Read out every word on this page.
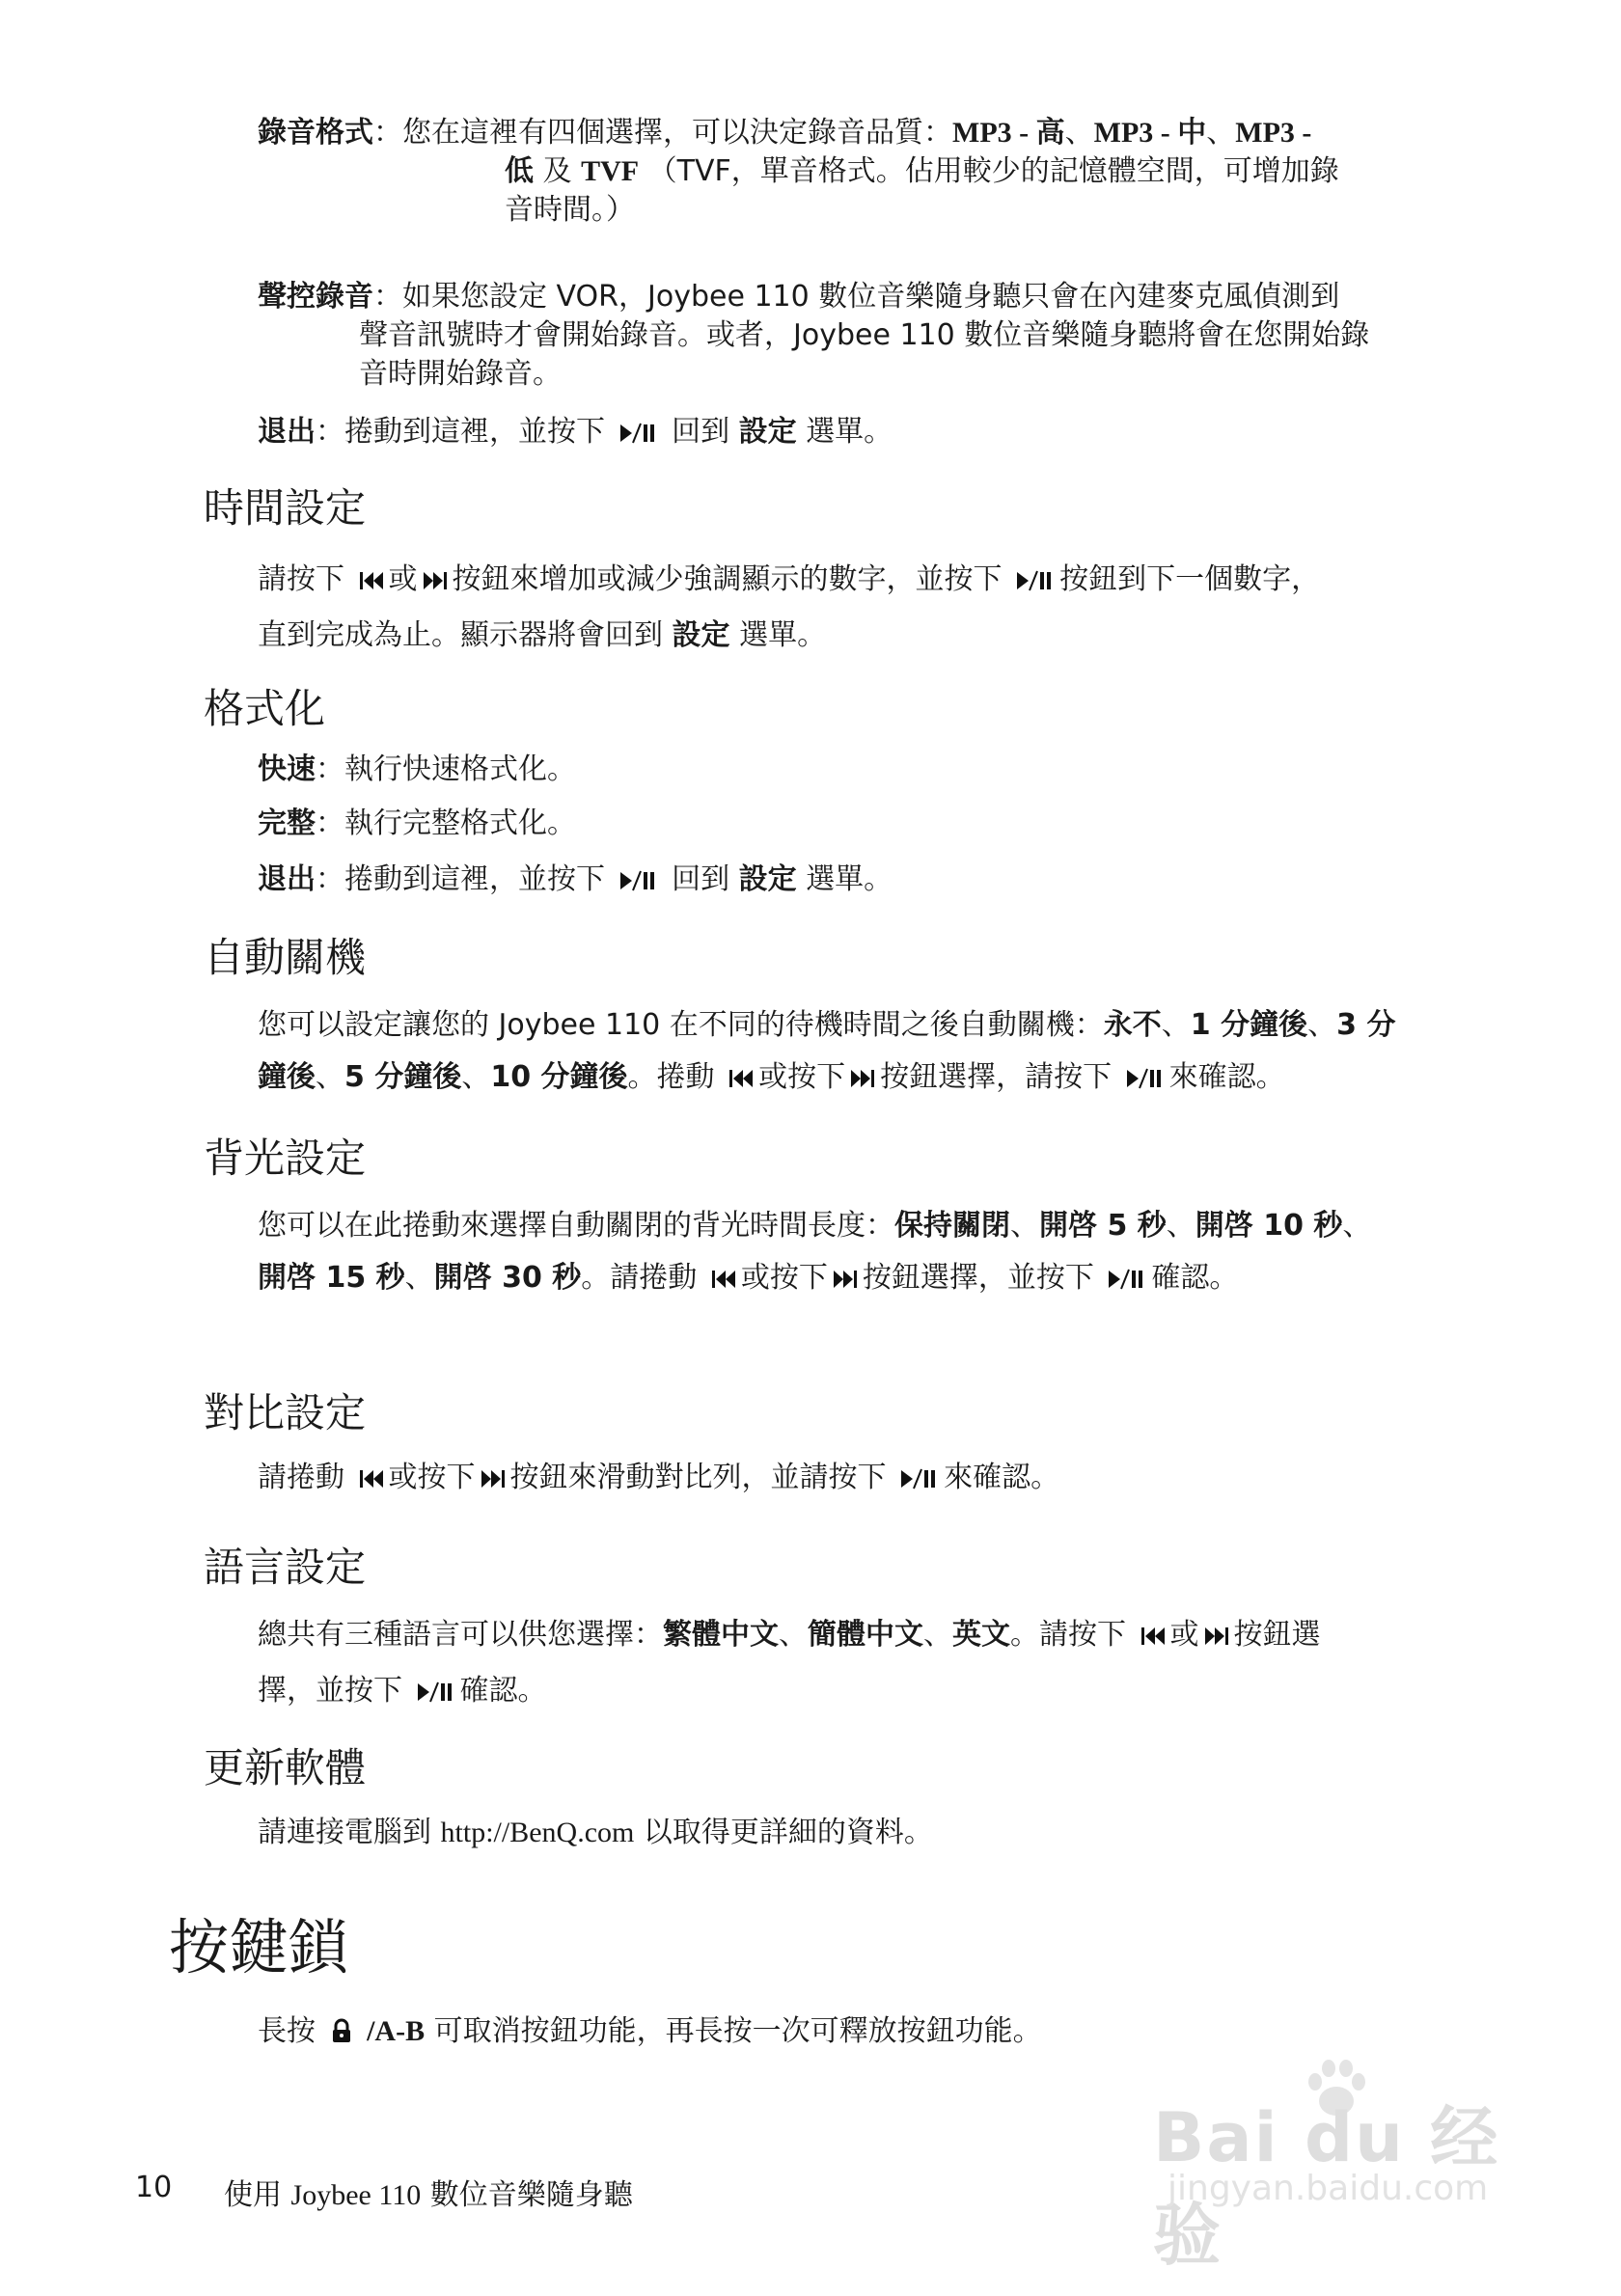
錄音格式：您在這裡有四個選擇，可以決定錄音品質：MP3 - 高、MP3 - 中、MP3 -
低 及 TVF （TVF，單音格式。佔用較少的記憶體空間，可增加錄
音時間。）
聲控錄音：如果您設定 VOR，Joybee 110 數位音樂隨身聽只會在內建麥克風偵測到
聲音訊號時才會開始錄音。或者，Joybee 110 數位音樂隨身聽將會在您開始錄
音時開始錄音。
退出：捲動到這裡，並按下 回到 設定 選單。
時間設定
請按下 或 按鈕來增加或減少強調顯示的數字，並按下 按鈕到下一個數字，
直到完成為止。顯示器將會回到 設定 選單。
格式化
快速：執行快速格式化。
完整：執行完整格式化。
退出：捲動到這裡，並按下 回到 設定 選單。
自動關機
您可以設定讓您的 Joybee 110 在不同的待機時間之後自動關機：永不、1 分鐘後、3 分
鐘後、5 分鐘後、10 分鐘後。捲動 或按下 按鈕選擇，請按下 來確認。
背光設定
您可以在此捲動來選擇自動關閉的背光時間長度：保持關閉、開啓 5 秒、開啓 10 秒、
開啓 15 秒、開啓 30 秒。請捲動 或按下 按鈕選擇，並按下 確認。
對比設定
請捲動 或按下 按鈕來滑動對比列，並請按下 來確認。
語言設定
總共有三種語言可以供您選擇：繁體中文、簡體中文、英文。請按下 或 按鈕選
擇，並按下 確認。
更新軟體
請連接電腦到 http://BenQ.com 以取得更詳細的資料。
按鍵鎖
長按 /A-B 可取消按鈕功能，再長按一次可釋放按鈕功能。
10 使用 Joybee 110 數位音樂隨身聽
Bai du 经验
jingyan.baidu.com
